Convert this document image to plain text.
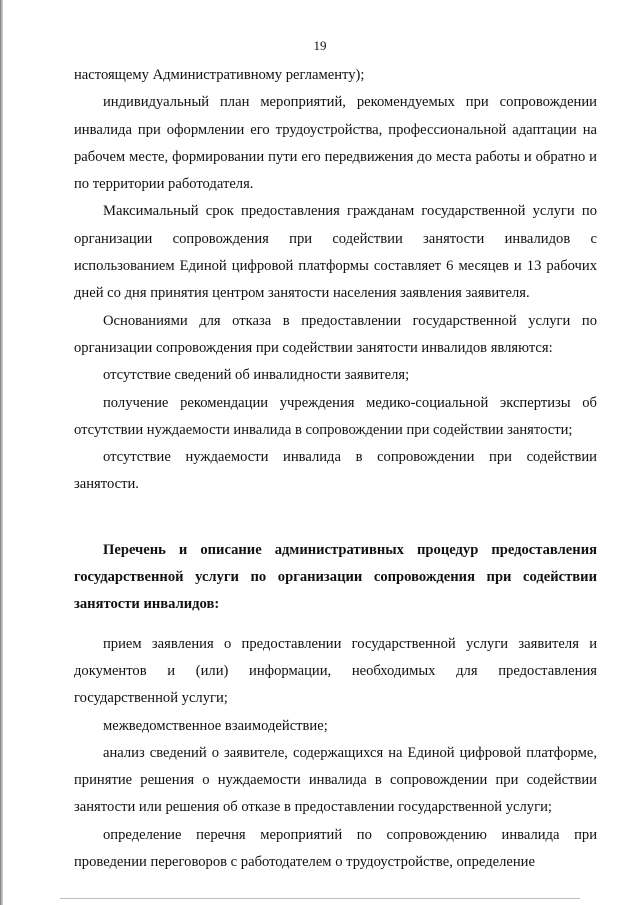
19

настоящему Административному регламенту);

индивидуальный план мероприятий, рекомендуемых при сопровождении инвалида при оформлении его трудоустройства, профессиональной адаптации на рабочем месте, формировании пути его передвижения до места работы и обратно и по территории работодателя.

Максимальный срок предоставления гражданам государственной услуги по организации сопровождения при содействии занятости инвалидов с использованием Единой цифровой платформы составляет 6 месяцев и 13 рабочих дней со дня принятия центром занятости населения заявления заявителя.

Основаниями для отказа в предоставлении государственной услуги по организации сопровождения при содействии занятости инвалидов являются:

отсутствие сведений об инвалидности заявителя;

получение рекомендации учреждения медико-социальной экспертизы об отсутствии нуждаемости инвалида в сопровождении при содействии занятости;

отсутствие нуждаемости инвалида в сопровождении при содействии занятости.

Перечень и описание административных процедур предоставления государственной услуги по организации сопровождения при содействии занятости инвалидов:

прием заявления о предоставлении государственной услуги заявителя и документов и (или) информации, необходимых для предоставления государственной услуги;

межведомственное взаимодействие;

анализ сведений о заявителе, содержащихся на Единой цифровой платформе, принятие решения о нуждаемости инвалида в сопровождении при содействии занятости или решения об отказе в предоставлении государственной услуги;

определение перечня мероприятий по сопровождению инвалида при проведении переговоров с работодателем о трудоустройстве, определение
